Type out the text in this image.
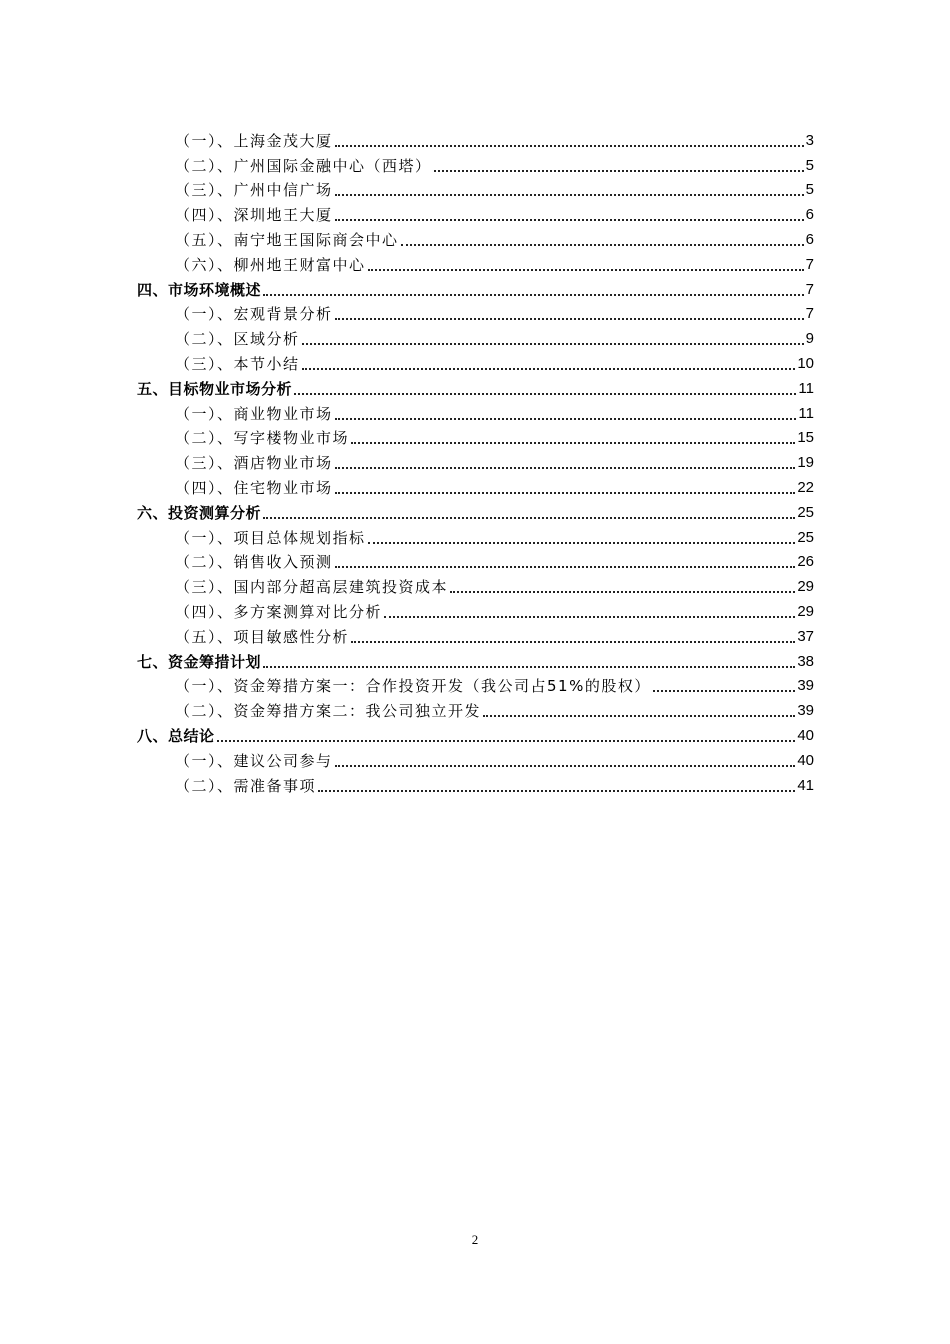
（一）、上海金茂大厦	3
（二）、广州国际金融中心（西塔）	5
（三）、广州中信广场	5
（四）、深圳地王大厦	6
（五）、南宁地王国际商会中心	6
（六）、柳州地王财富中心	7
四、市场环境概述	7
（一）、宏观背景分析	7
（二）、区域分析	9
（三）、本节小结	10
五、目标物业市场分析	11
（一）、商业物业市场	11
（二）、写字楼物业市场	15
（三）、酒店物业市场	19
（四）、住宅物业市场	22
六、投资测算分析	25
（一）、项目总体规划指标	25
（二）、销售收入预测	26
（三）、国内部分超高层建筑投资成本	29
（四）、多方案测算对比分析	29
（五）、项目敏感性分析	37
七、资金筹措计划	38
（一）、资金筹措方案一：合作投资开发（我公司占51%的股权）	39
（二）、资金筹措方案二：我公司独立开发	39
八、总结论	40
（一）、建议公司参与	40
（二）、需准备事项	41
2
